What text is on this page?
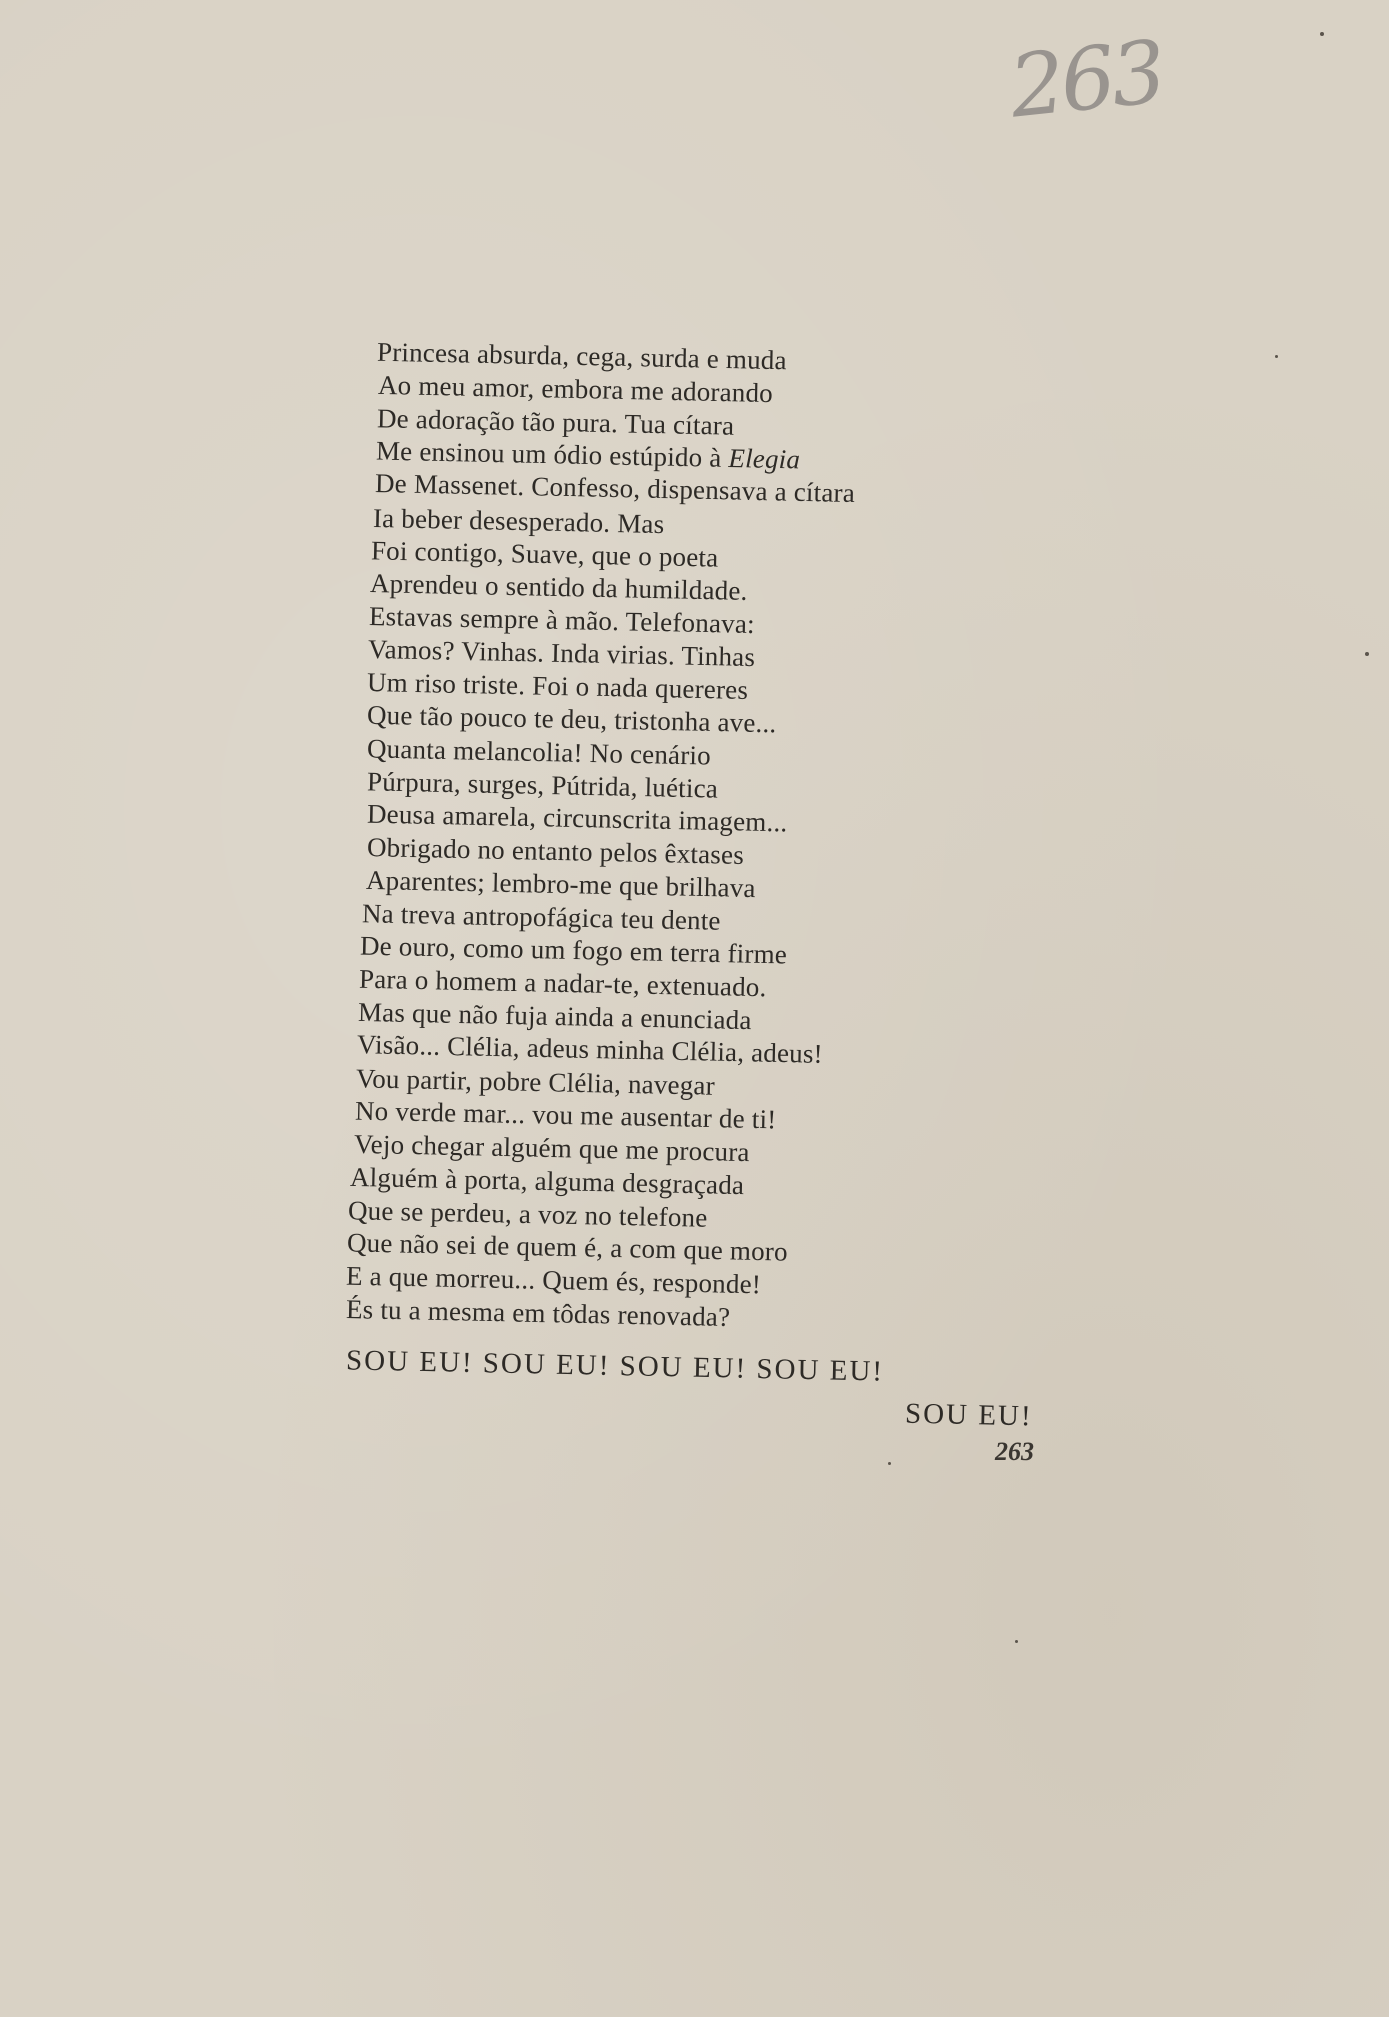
263
Princesa absurda, cega, surda e muda
Ao meu amor, embora me adorando
De adoração tão pura. Tua cítara
Me ensinou um ódio estúpido à Elegia
De Massenet. Confesso, dispensava a cítara
Ia beber desesperado. Mas
Foi contigo, Suave, que o poeta
Aprendeu o sentido da humildade.
Estavas sempre à mão. Telefonava:
Vamos? Vinhas. Inda virias. Tinhas
Um riso triste. Foi o nada quereres
Que tão pouco te deu, tristonha ave...
Quanta melancolia! No cenário
Púrpura, surges, Pútrida, luética
Deusa amarela, circunscrita imagem...
Obrigado no entanto pelos êxtases
Aparentes; lembro-me que brilhava
Na treva antropofágica teu dente
De ouro, como um fogo em terra firme
Para o homem a nadar-te, extenuado.
Mas que não fuja ainda a enunciada
Visão... Clélia, adeus minha Clélia, adeus!
Vou partir, pobre Clélia, navegar
No verde mar... vou me ausentar de ti!
Vejo chegar alguém que me procura
Alguém à porta, alguma desgraçada
Que se perdeu, a voz no telefone
Que não sei de quem é, a com que moro
E a que morreu... Quem és, responde!
És tu a mesma em tôdas renovada?
SOU EU! SOU EU! SOU EU! SOU EU!
SOU EU!
263
